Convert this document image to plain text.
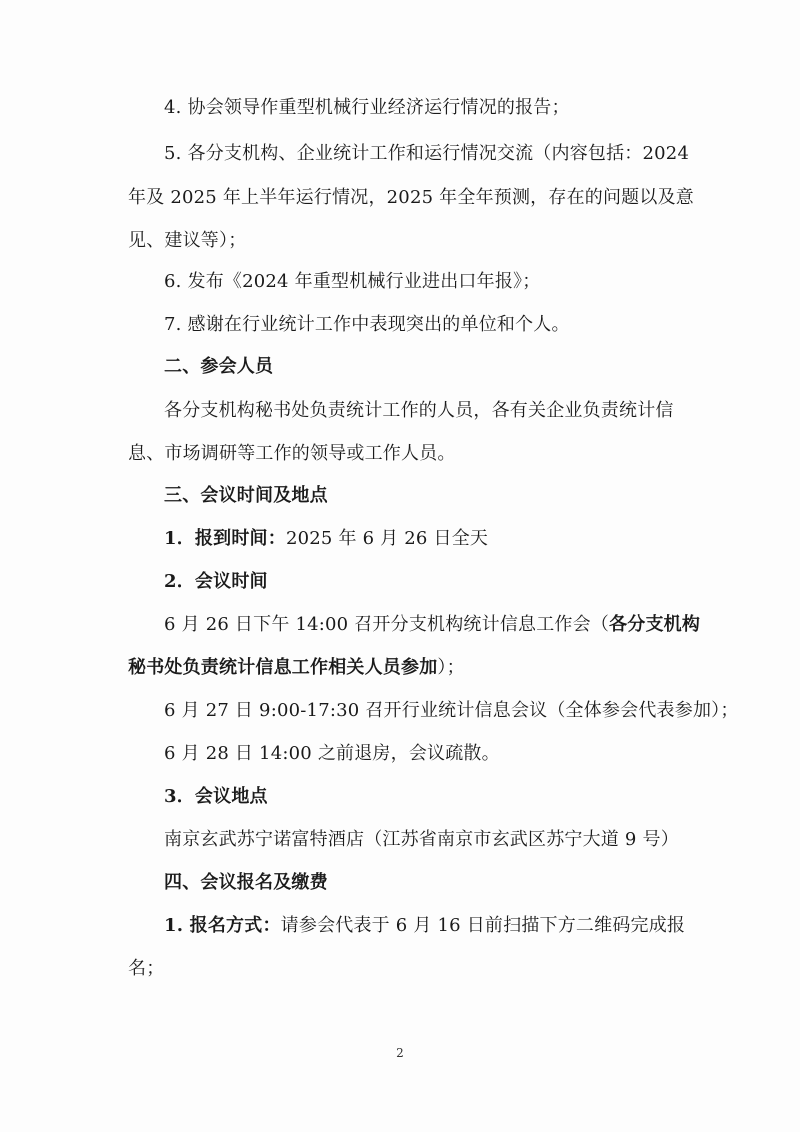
4. 协会领导作重型机械行业经济运行情况的报告；
5. 各分支机构、企业统计工作和运行情况交流（内容包括：2024
年及 2025 年上半年运行情况，2025 年全年预测，存在的问题以及意
见、建议等）；
6. 发布《2024 年重型机械行业进出口年报》；
7. 感谢在行业统计工作中表现突出的单位和个人。
二、参会人员
各分支机构秘书处负责统计工作的人员，各有关企业负责统计信
息、市场调研等工作的领导或工作人员。
三、会议时间及地点
1．报到时间：2025 年 6 月 26 日全天
2．会议时间
6 月 26 日下午 14:00 召开分支机构统计信息工作会（各分支机构
秘书处负责统计信息工作相关人员参加）；
6 月 27 日 9:00-17:30 召开行业统计信息会议（全体参会代表参加）；
6 月 28 日 14:00 之前退房，会议疏散。
3．会议地点
南京玄武苏宁诺富特酒店（江苏省南京市玄武区苏宁大道 9 号）
四、会议报名及缴费
1. 报名方式：请参会代表于 6 月 16 日前扫描下方二维码完成报
名；
2
